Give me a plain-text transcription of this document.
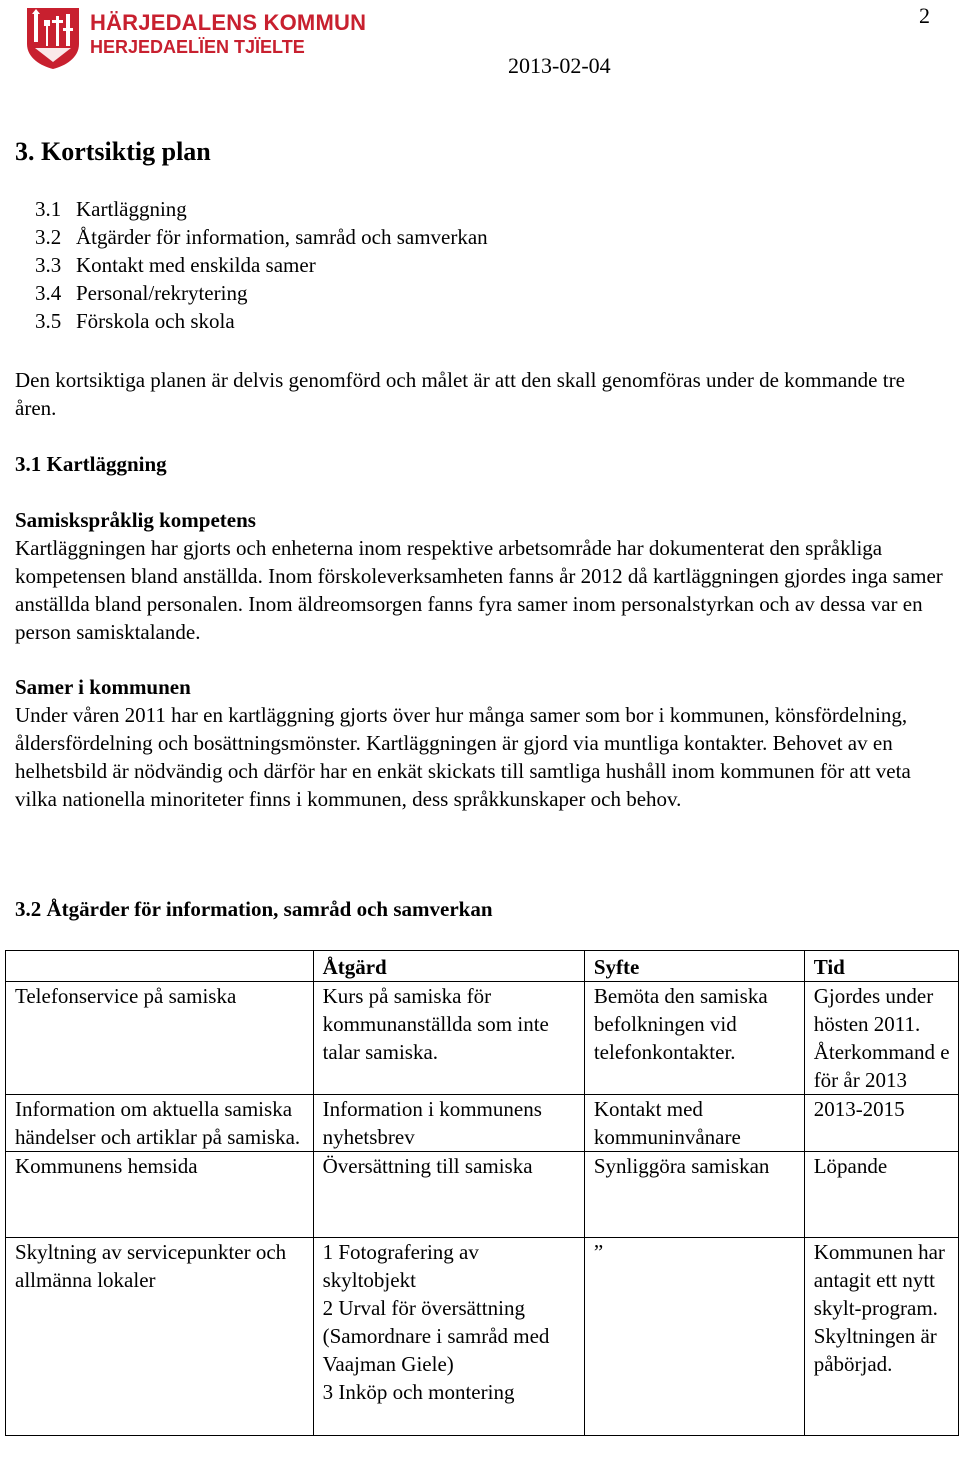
HÄRJEDALENS KOMMUN
HERJEDAELÏEN TJÏELTE
2
2013-02-04
3. Kortsiktig plan
3.1 Kartläggning
3.2 Åtgärder för information, samråd och samverkan
3.3 Kontakt med enskilda samer
3.4 Personal/rekrytering
3.5 Förskola och skola

Den kortsiktiga planen är delvis genomförd och målet är att den skall genomföras under de kommande tre åren.

3.1 Kartläggning
Samiskspråklig kompetens

Kartläggningen har gjorts och enheterna inom respektive arbetsområde har dokumenterat den språkliga kompetensen bland anställda. Inom förskoleverksamheten fanns år 2012 då kartläggningen gjordes inga samer anställda bland personalen. Inom äldreomsorgen fanns fyra samer inom personalstyrkan och av dessa var en person samisktalande.

Samer i kommunen

Under våren 2011 har en kartläggning gjorts över hur många samer som bor i kommunen, könsfördelning, åldersfördelning och bosättningsmönster. Kartläggningen är gjord via muntliga kontakter. Behovet av en helhetsbild är nödvändig och därför har en enkät skickats till samtliga hushåll inom kommunen för att veta vilka nationella minoriteter finns i kommunen, dess språkkunskaper och behov.

3.2 Åtgärder för information, samråd och samverkan
	Åtgärd	Syfte	Tid
Telefonservice på samiska	Kurs på samiska för kommunanställda som inte talar samiska.	Bemöta den samiska befolkningen vid telefonkontakter.	Gjordes under hösten 2011. Återkommand e för år 2013
Information om aktuella samiska händelser och artiklar på samiska.	Information i kommunens nyhetsbrev	Kontakt med kommuninvånare	2013-2015
Kommunens hemsida	Översättning till samiska	Synliggöra samiskan	Löpande
Skyltning av servicepunkter och allmänna lokaler	1 Fotografering av skyltobjekt
2 Urval för översättning (Samordnare i samråd med Vaajman Giele)
3 Inköp och montering	”	Kommunen har antagit ett nytt skylt-program. Skyltningen är påbörjad.
